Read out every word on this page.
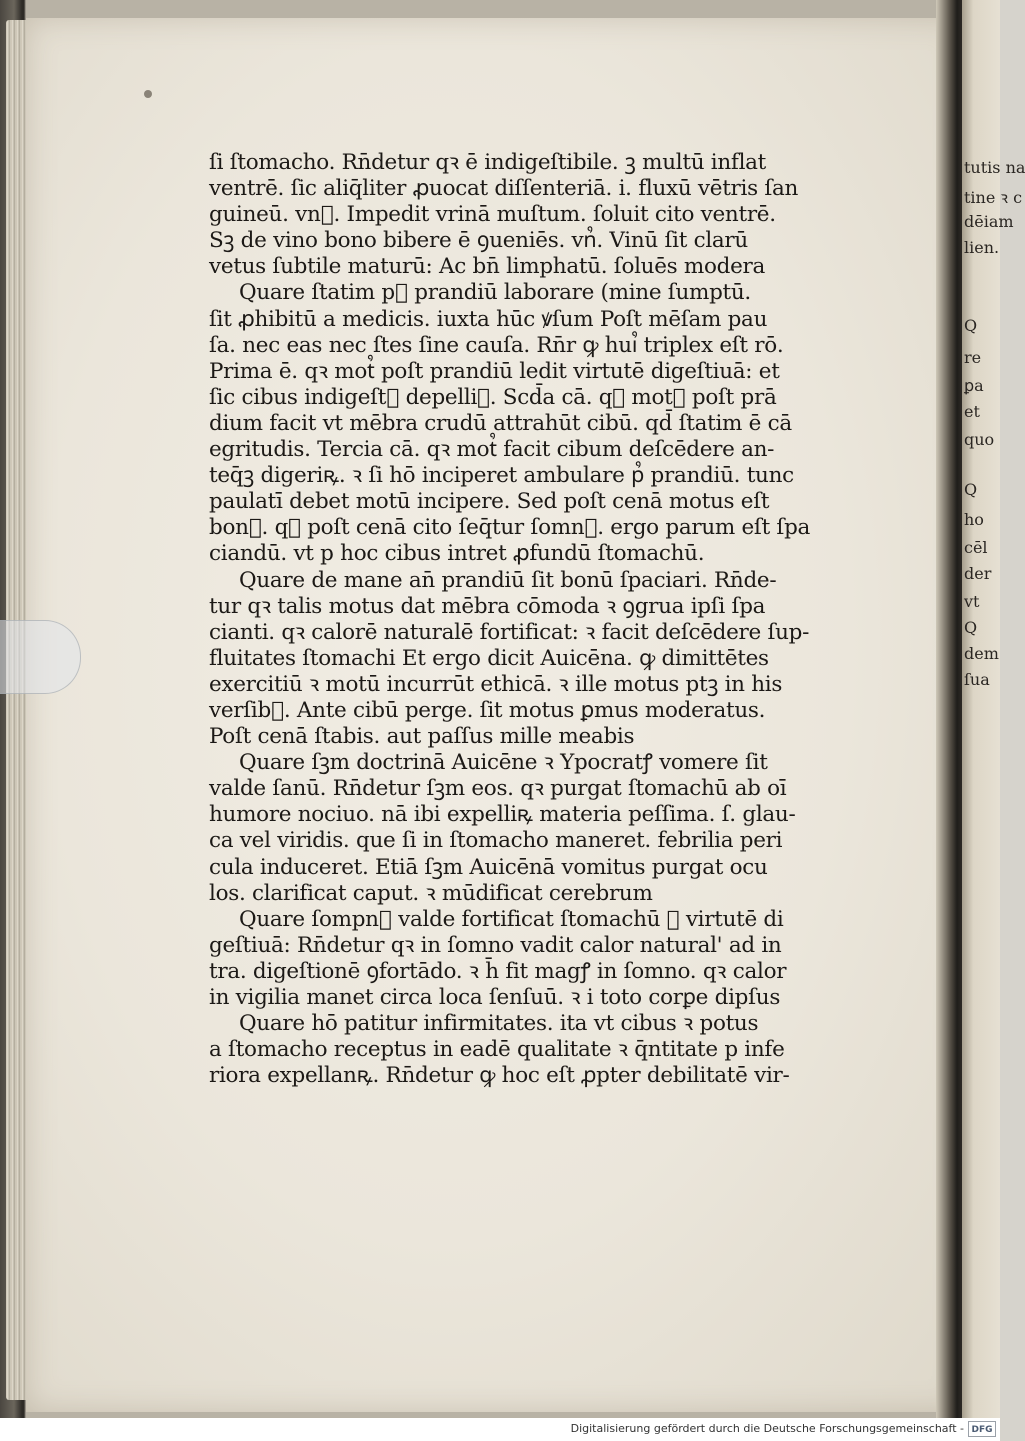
ſi ſtomacho. Rn̄detur qꝛ ē indigeſtibile. ꝫ multū inflat
ventrē. ſic aliq̄liter ꝓuocat diſſenteriā. i. fluxū vētris ſan
guineū. vn᷒. Impedit vrinā muſtum. ſoluit cito ventrē.
Sꝫ de vino bono bibere ē ꝯueniēs. vn᷒. Vinū ſit clarū
vetus ſubtile maturū: Ac bn̄ limphatū. ſoluēs modera
Quare ſtatim p᷒ prandiū laborare (mine ſumptū.
ſit ꝓhibitū a medicis. iuxta hūc ꝟſum Poſt mēſam pau
ſa. nec eas nec ſtes ſine cauſa. Rn̄r ꝙ hui᷒ triplex eſt rō.
Prima ē. qꝛ mot᷒ poſt prandiū ledit virtutē digeſtiuā: et
ſic cibus indigeſt᷒ depelliꝶ. Scd̄a cā. qꝛ mot᷒ poſt prā
dium facit vt mēbra crudū attrahūt cibū. qd̄ ſtatim ē cā
egritudis. Tercia cā. qꝛ mot᷒ facit cibum deſcēdere an-
teq̄ꝫ digeriꝶ. ꝛ ſi hō inciperet ambulare p᷒ prandiū. tunc
paulatī debet motū incipere. Sed poſt cenā motus eſt
bon᷒. qꝛ poſt cenā cito ſeq̄tur ſomn᷒. ergo parum eſt ſpa
ciandū. vt p hoc cibus intret ꝓfundū ſtomachū.
Quare de mane an̄ prandiū ſit bonū ſpaciari. Rn̄de-
tur qꝛ talis motus dat mēbra cōmoda ꝛ ꝯgrua ipſi ſpa
cianti. qꝛ calorē naturalē fortificat: ꝛ facit deſcēdere ſup-
fluitates ſtomachi Et ergo dicit Auicēna. ꝙ dimittētes
exercitiū ꝛ motū incurrūt ethicā. ꝛ ille motus ptꝫ in his
verſib᷒. Ante cibū perge. ſit motus ꝑmus moderatus.
Poſt cenā ſtabis. aut paſſus mille meabis
Quare ſꝫm doctrinā Auicēne ꝛ Ypocratꝭ vomere ſit
valde ſanū. Rn̄detur ſꝫm eos. qꝛ purgat ſtomachū ab oī
humore nociuo. nā ibi expelliꝶ materia peſſima. ſ. glau-
ca vel viridis. que ſi in ſtomacho maneret. febrilia peri
cula induceret. Etiā ſꝫm Auicēnā vomitus purgat ocu
los. clarificat caput. ꝛ mūdificat cerebrum
Quare ſompn᷒ valde fortificat ſtomachū ꝛ virtutē di
geſtiuā: Rn̄detur qꝛ in ſomno vadit calor natural' ad in
tra. digeſtionē ꝯfortādo. ꝛ h̄ fit magꝭ in ſomno. qꝛ calor
in vigilia manet circa loca ſenſuū. ꝛ i toto corꝑe dipſus
Quare hō patitur infirmitates. ita vt cibus ꝛ potus
a ſtomacho receptus in eadē qualitate ꝛ q̄ntitate p infe
riora expellanꝶ. Rn̄detur ꝙ hoc eſt ꝓpter debilitatē vir-
tutis na
tine ꝛ c
dēiam
lien.
Q
re
ꝑa
et
quo
Q
ho
cēl
der
vt
Q
dem
ſua
Digitalisierung gefördert durch die Deutsche Forschungsgemeinschaft - DFG
